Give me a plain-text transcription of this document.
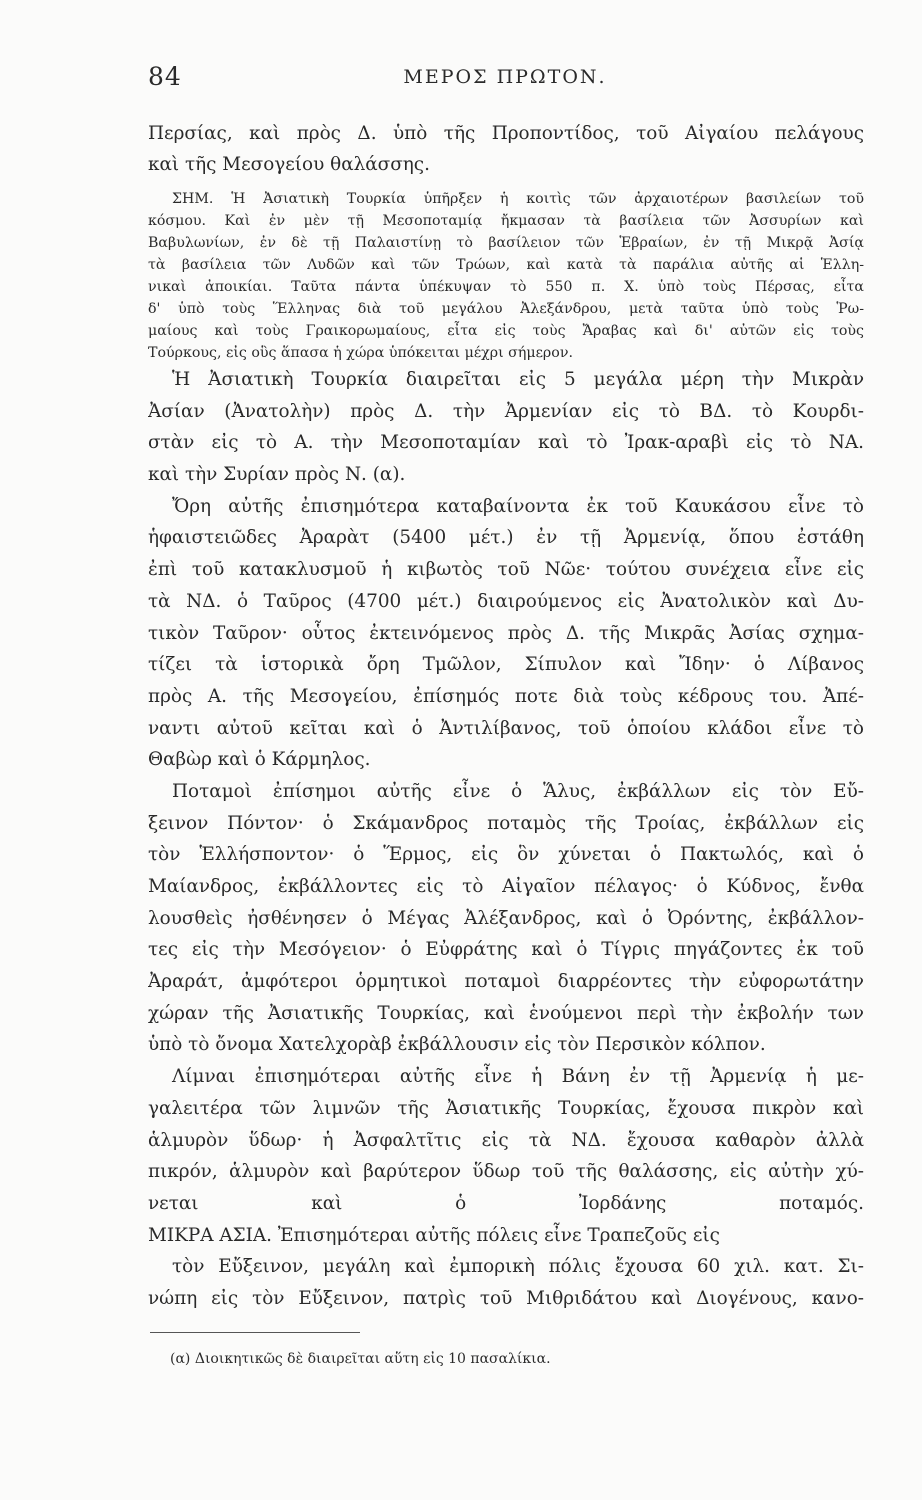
84	ΜΕΡΟΣ ΠΡΩΤΟΝ.
Περσίας, καὶ πρὸς Δ. ὑπὸ τῆς Προποντίδος, τοῦ Αἰγαίου πελάγους
καὶ τῆς Μεσογείου θαλάσσης.
ΣΗΜ. Ἡ Ἀσιατικὴ Τουρκία ὑπῆρξεν ἡ κοιτὶς τῶν ἀρχαιοτέρων βασιλείων τοῦ
κόσμου. Καὶ ἐν μὲν τῇ Μεσοποταμίᾳ ἤκμασαν τὰ βασίλεια τῶν Ἀσσυρίων καὶ
Βαβυλωνίων, ἐν δὲ τῇ Παλαιστίνῃ τὸ βασίλειον τῶν Ἑβραίων, ἐν τῇ Μικρᾷ Ἀσίᾳ
τὰ βασίλεια τῶν Λυδῶν καὶ τῶν Τρώων, καὶ κατὰ τὰ παράλια αὐτῆς αἱ Ἑλλη-
νικαὶ ἀποικίαι. Ταῦτα πάντα ὑπέκυψαν τὸ 550 π. Χ. ὑπὸ τοὺς Πέρσας, εἶτα
δ' ὑπὸ τοὺς Ἕλληνας διὰ τοῦ μεγάλου Ἀλεξάνδρου, μετὰ ταῦτα ὑπὸ τοὺς Ῥω-
μαίους καὶ τοὺς Γραικορωμαίους, εἶτα εἰς τοὺς Ἄραβας καὶ δι' αὐτῶν εἰς τοὺς
Τούρκους, εἰς οὓς ἅπασα ἡ χώρα ὑπόκειται μέχρι σήμερον.
Ἡ Ἀσιατικὴ Τουρκία διαιρεῖται εἰς 5 μεγάλα μέρη τὴν Μικρὰν
Ἀσίαν (Ἀνατολὴν) πρὸς Δ. τὴν Ἀρμενίαν εἰς τὸ ΒΔ. τὸ Κουρδι-
στὰν εἰς τὸ Α. τὴν Μεσοποταμίαν καὶ τὸ Ἰρακ-αραβὶ εἰς τὸ ΝΑ.
καὶ τὴν Συρίαν πρὸς Ν. (α).
Ὄρη αὐτῆς ἐπισημότερα καταβαίνοντα ἐκ τοῦ Καυκάσου εἶνε τὸ
ἡφαιστειῶδες Ἀραρὰτ (5400 μέτ.) ἐν τῇ Ἀρμενίᾳ, ὅπου ἐστάθη
ἐπὶ τοῦ κατακλυσμοῦ ἡ κιβωτὸς τοῦ Νῶε· τούτου συνέχεια εἶνε εἰς
τὰ ΝΔ. ὁ Ταῦρος (4700 μέτ.) διαιρούμενος εἰς Ἀνατολικὸν καὶ Δυ-
τικὸν Ταῦρον· οὗτος ἐκτεινόμενος πρὸς Δ. τῆς Μικρᾶς Ἀσίας σχημα-
τίζει τὰ ἱστορικὰ ὄρη Τμῶλον, Σίπυλον καὶ Ἴδην· ὁ Λίβανος
πρὸς Α. τῆς Μεσογείου, ἐπίσημός ποτε διὰ τοὺς κέδρους του. Ἀπέ-
ναντι αὐτοῦ κεῖται καὶ ὁ Ἀντιλίβανος, τοῦ ὁποίου κλάδοι εἶνε τὸ
Θαβὼρ καὶ ὁ Κάρμηλος.
Ποταμοὶ ἐπίσημοι αὐτῆς εἶνε ὁ Ἅλυς, ἐκβάλλων εἰς τὸν Εὔ-
ξεινον Πόντον· ὁ Σκάμανδρος ποταμὸς τῆς Τροίας, ἐκβάλλων εἰς
τὸν Ἑλλήσποντον· ὁ Ἕρμος, εἰς ὃν χύνεται ὁ Πακτωλός, καὶ ὁ
Μαίανδρος, ἐκβάλλοντες εἰς τὸ Αἰγαῖον πέλαγος· ὁ Κύδνος, ἔνθα
λουσθεὶς ἠσθένησεν ὁ Μέγας Ἀλέξανδρος, καὶ ὁ Ὀρόντης, ἐκβάλλον-
τες εἰς τὴν Μεσόγειον· ὁ Εὐφράτης καὶ ὁ Τίγρις πηγάζοντες ἐκ τοῦ
Ἀραράτ, ἀμφότεροι ὁρμητικοὶ ποταμοὶ διαρρέοντες τὴν εὐφορωτάτην
χώραν τῆς Ἀσιατικῆς Τουρκίας, καὶ ἑνούμενοι περὶ τὴν ἐκβολήν των
ὑπὸ τὸ ὄνομα Χατελχορὰβ ἐκβάλλουσιν εἰς τὸν Περσικὸν κόλπον.
Λίμναι ἐπισημότεραι αὐτῆς εἶνε ἡ Βάνη ἐν τῇ Ἀρμενίᾳ ἡ με-
γαλειτέρα τῶν λιμνῶν τῆς Ἀσιατικῆς Τουρκίας, ἔχουσα πικρὸν καὶ
ἁλμυρὸν ὕδωρ· ἡ Ἀσφαλτῖτις εἰς τὰ ΝΔ. ἔχουσα καθαρὸν ἀλλὰ
πικρόν, ἁλμυρὸν καὶ βαρύτερον ὕδωρ τοῦ τῆς θαλάσσης, εἰς αὐτὴν χύ-
νεται καὶ ὁ Ἰορδάνης ποταμός.
ΜΙΚΡΑ ΑΣΙΑ. Ἐπισημότεραι αὐτῆς πόλεις εἶνε Τραπεζοῦς εἰς
τὸν Εὔξεινον, μεγάλη καὶ ἐμπορικὴ πόλις ἔχουσα 60 χιλ. κατ. Σι-
νώπη εἰς τὸν Εὔξεινον, πατρὶς τοῦ Μιθριδάτου καὶ Διογένους, κανο-
(α) Διοικητικῶς δὲ διαιρεῖται αὕτη εἰς 10 πασαλίκια.
